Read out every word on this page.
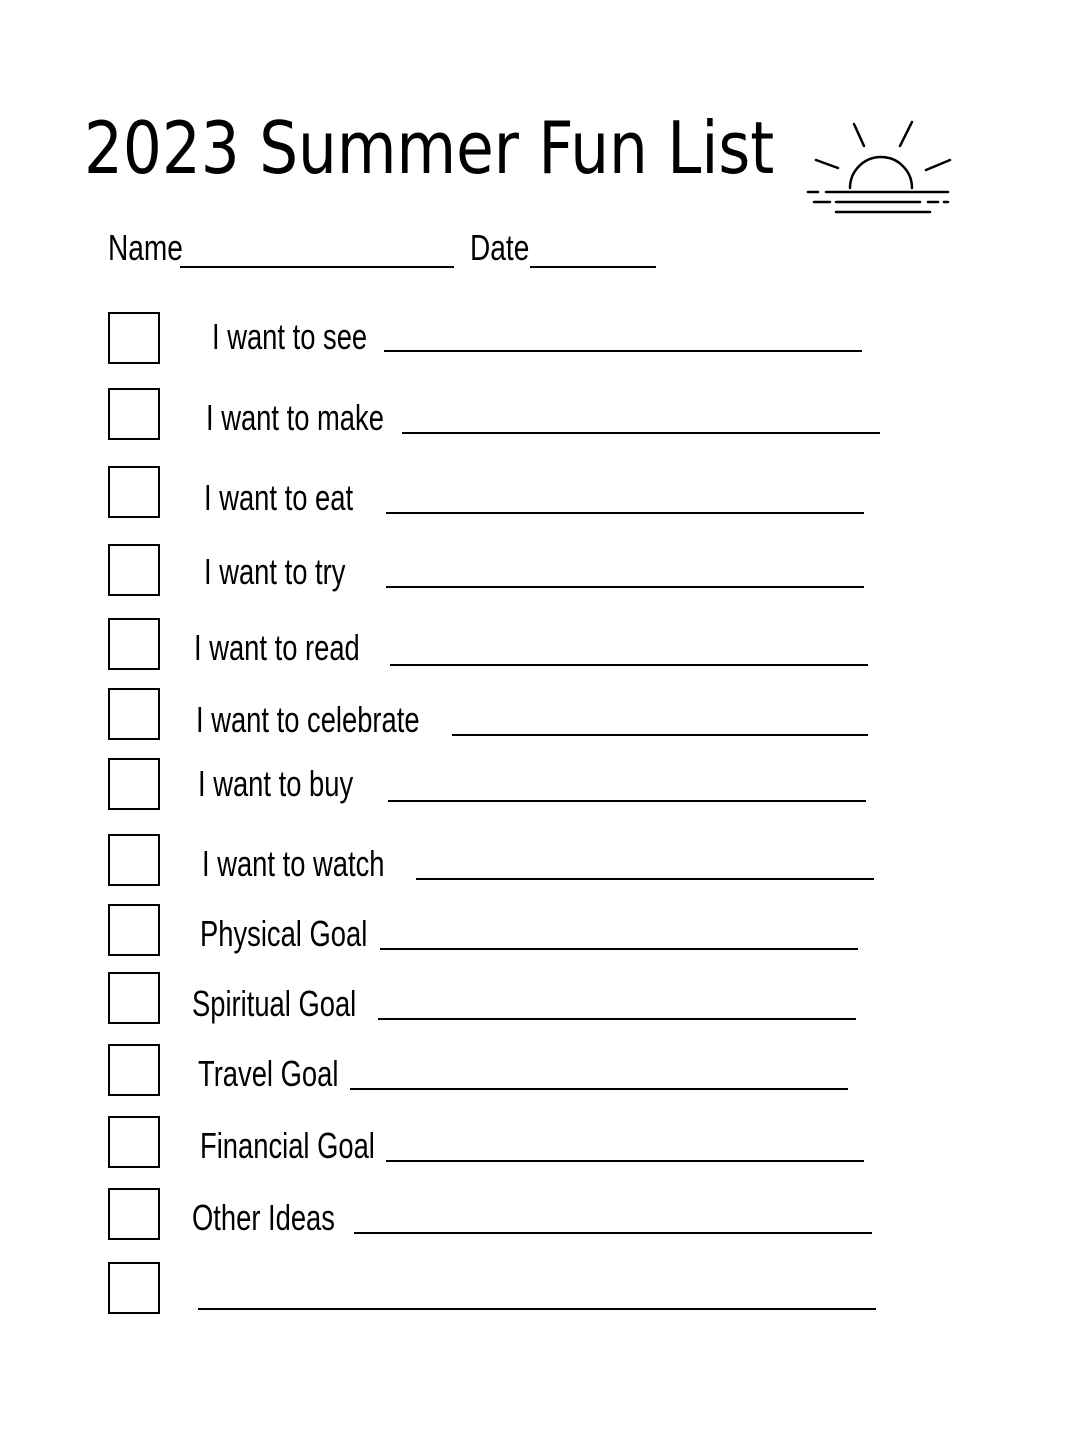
2023 Summer Fun List
Name	Date
I want to see
I want to make
I want to eat
I want to try
I want to read
I want to celebrate
I want to buy
I want to watch
Physical Goal
Spiritual Goal
Travel Goal
Financial Goal
Other Ideas
